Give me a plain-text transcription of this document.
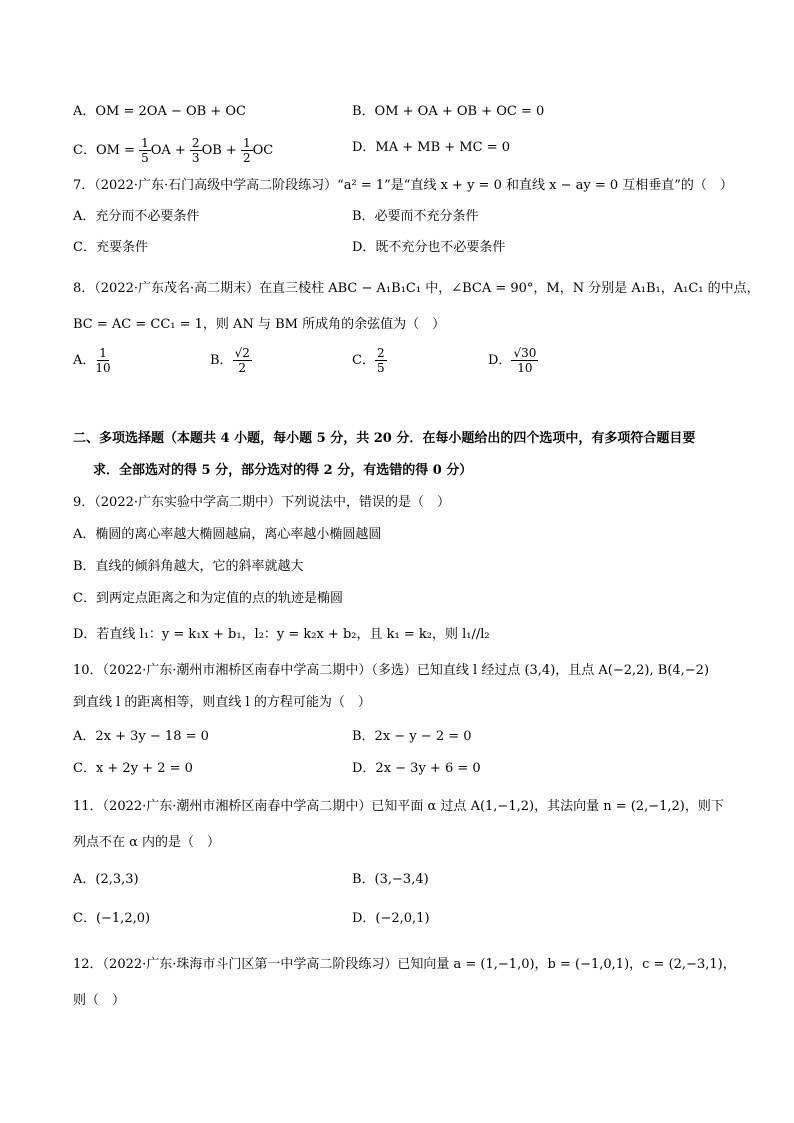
A．OM = 2OA − OB + OC	B．OM + OA + OB + OC = 0
C．OM = $\frac{1}{5}$ OA + $\frac{2}{3}$ OB + $\frac{1}{2}$ OC	D．MA + MB + MC = 0
7．（2022·广东·石门高级中学高二阶段练习）“a² = 1”是“直线 x + y = 0 和直线 x − ay = 0 互相垂直”的（　）
A．充分而不必要条件	B．必要而不充分条件
C．充要条件	D．既不充分也不必要条件
8．（2022·广东茂名·高二期末）在直三棱柱 ABC − A₁B₁C₁ 中，∠BCA = 90°，M，N 分别是 A₁B₁，A₁C₁ 的中点，
BC = AC = CC₁ = 1，则 AN 与 BM 所成角的余弦值为（　）
A． $\frac{1}{10}$	B． $\frac{√2}{2}$	C． $\frac{2}{5}$	D． $\frac{√30}{10}$
二、多项选择题（本题共 4 小题，每小题 5 分，共 20 分．在每小题给出的四个选项中，有多项符合题目要
求．全部选对的得 5 分，部分选对的得 2 分，有选错的得 0 分）
9．（2022·广东实验中学高二期中）下列说法中，错误的是（　）
A．椭圆的离心率越大椭圆越扁，离心率越小椭圆越圆
B．直线的倾斜角越大，它的斜率就越大
C．到两定点距离之和为定值的点的轨迹是椭圆
D．若直线 l₁：y = k₁x + b₁，l₂：y = k₂x + b₂，且 k₁ = k₂，则 l₁//l₂
10．（2022·广东·潮州市湘桥区南春中学高二期中）（多选）已知直线 l 经过点 (3,4)，且点 A(−2,2), B(4,−2)
到直线 l 的距离相等，则直线 l 的方程可能为（　）
A．2x + 3y − 18 = 0	B．2x − y − 2 = 0
C．x + 2y + 2 = 0	D．2x − 3y + 6 = 0
11．（2022·广东·潮州市湘桥区南春中学高二期中）已知平面 α 过点 A(1,−1,2)，其法向量 n = (2,−1,2)，则下
列点不在 α 内的是（　）
A．(2,3,3)	B．(3,−3,4)
C．(−1,2,0)	D．(−2,0,1)
12．（2022·广东·珠海市斗门区第一中学高二阶段练习）已知向量 a = (1,−1,0)，b = (−1,0,1)，c = (2,−3,1)，
则（　）
